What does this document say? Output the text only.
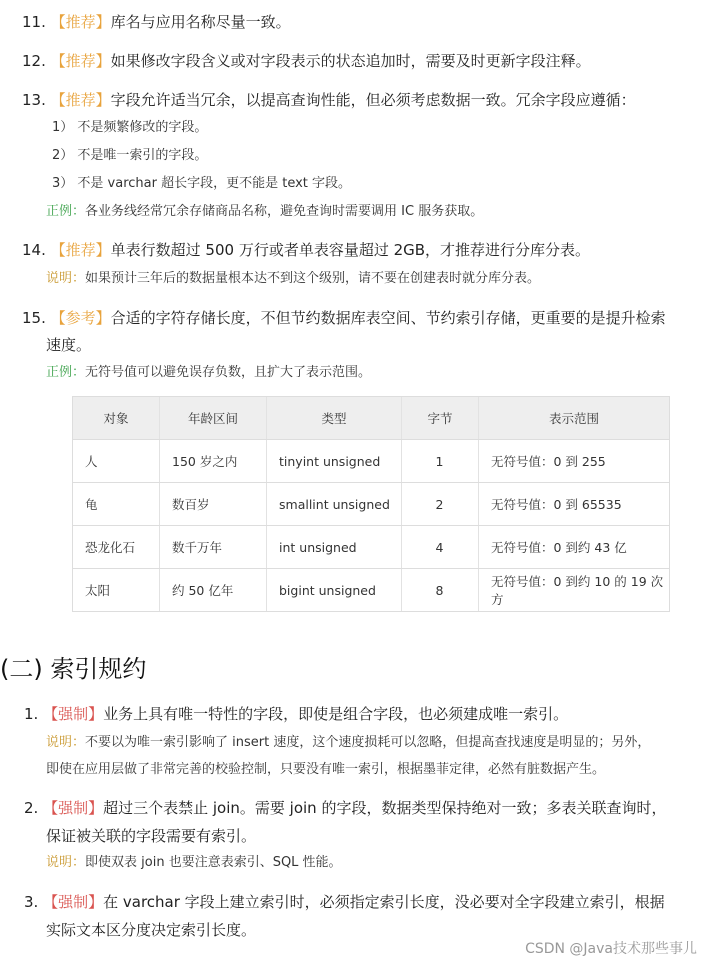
11. 【推荐】库名与应用名称尽量一致。
12. 【推荐】如果修改字段含义或对字段表示的状态追加时，需要及时更新字段注释。
13. 【推荐】字段允许适当冗余，以提高查询性能，但必须考虑数据一致。冗余字段应遵循：
1） 不是频繁修改的字段。
2） 不是唯一索引的字段。
3） 不是 varchar 超长字段，更不能是 text 字段。
正例：各业务线经常冗余存储商品名称，避免查询时需要调用 IC 服务获取。
14. 【推荐】单表行数超过 500 万行或者单表容量超过 2GB，才推荐进行分库分表。
说明：如果预计三年后的数据量根本达不到这个级别，请不要在创建表时就分库分表。
15. 【参考】合适的字符存储长度，不但节约数据库表空间、节约索引存储，更重要的是提升检索
速度。
正例：无符号值可以避免误存负数，且扩大了表示范围。
对象	年龄区间	类型	字节	表示范围
人	150 岁之内	tinyint unsigned	1	无符号值：0 到 255
龟	数百岁	smallint unsigned	2	无符号值：0 到 65535
恐龙化石	数千万年	int unsigned	4	无符号值：0 到约 43 亿
太阳	约 50 亿年	bigint unsigned	8	无符号值：0 到约 10 的 19 次方
(二) 索引规约
1. 【强制】业务上具有唯一特性的字段，即使是组合字段，也必须建成唯一索引。
说明：不要以为唯一索引影响了 insert 速度，这个速度损耗可以忽略，但提高查找速度是明显的；另外，
即使在应用层做了非常完善的校验控制，只要没有唯一索引，根据墨菲定律，必然有脏数据产生。
2. 【强制】超过三个表禁止 join。需要 join 的字段，数据类型保持绝对一致；多表关联查询时，
保证被关联的字段需要有索引。
说明：即使双表 join 也要注意表索引、SQL 性能。
3. 【强制】在 varchar 字段上建立索引时，必须指定索引长度，没必要对全字段建立索引，根据
实际文本区分度决定索引长度。
CSDN @Java技术那些事儿
